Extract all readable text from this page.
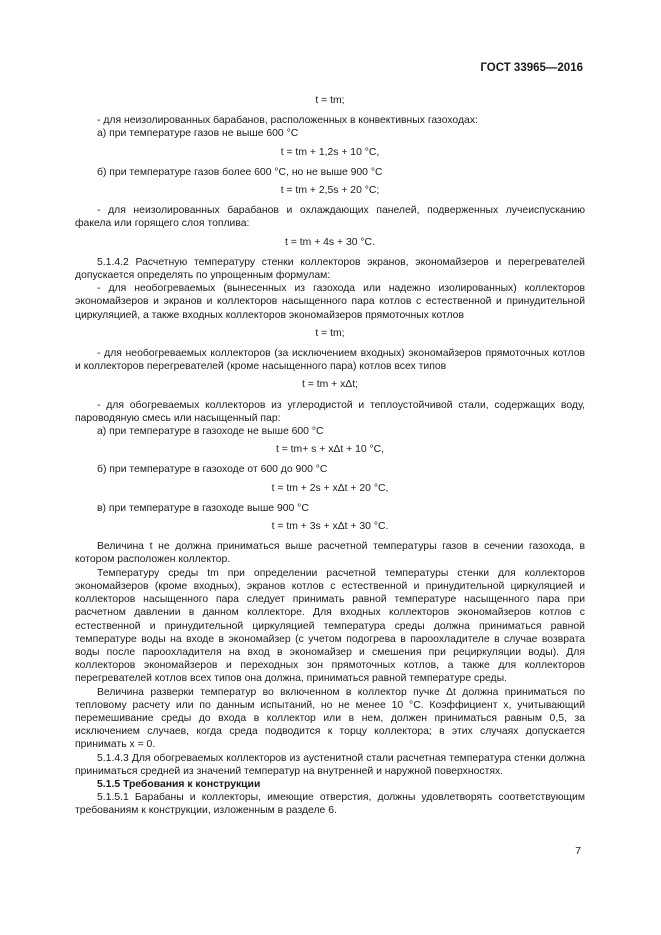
ГОСТ 33965—2016

t = tm;

- для неизолированных барабанов, расположенных в конвективных газоходах:

а) при температуре газов не выше 600 °С

t = tm + 1,2s + 10 °С,

б) при температуре газов более 600 °С, но не выше 900 °С

t = tm + 2,5s + 20 °С;

- для неизолированных барабанов и охлаждающих панелей, подверженных лучеиспусканию факела или горящего слоя топлива:

t = tm + 4s + 30 °С.

5.1.4.2 Расчетную температуру стенки коллекторов экранов, экономайзеров и перегревателей допускается определять по упрощенным формулам:

- для необогреваемых (вынесенных из газохода или надежно изолированных) коллекторов экономайзеров и экранов и коллекторов насыщенного пара котлов с естественной и принудительной циркуляцией, а также входных коллекторов экономайзеров прямоточных котлов

t = tm;

- для необогреваемых коллекторов (за исключением входных) экономайзеров прямоточных котлов и коллекторов перегревателей (кроме насыщенного пара) котлов всех типов

t = tm + xΔt;

- для обогреваемых коллекторов из углеродистой и теплоустойчивой стали, содержащих воду, пароводяную смесь или насыщенный пар:

а) при температуре в газоходе не выше 600 °С

t = tm+ s + xΔt + 10 °С,

б) при температуре в газоходе от 600 до 900 °С

t = tm + 2s + xΔt + 20 °С,

в) при температуре в газоходе выше 900 °С

t = tm + 3s + xΔt + 30 °С.

Величина t не должна приниматься выше расчетной температуры газов в сечении газохода, в котором расположен коллектор.

Температуру среды tm при определении расчетной температуры стенки для коллекторов экономайзеров (кроме входных), экранов котлов с естественной и принудительной циркуляцией и коллекторов насыщенного пара следует принимать равной температуре насыщенного пара при расчетном давлении в данном коллекторе. Для входных коллекторов экономайзеров котлов с естественной и принудительной циркуляцией температура среды должна приниматься равной температуре воды на входе в экономайзер (с учетом подогрева в пароохладителе в случае возврата воды после пароохладителя на вход в экономайзер и смешения при рециркуляции воды). Для коллекторов экономайзеров и переходных зон прямоточных котлов, а также для коллекторов перегревателей котлов всех типов она должна, приниматься равной температуре среды.

Величина разверки температур во включенном в коллектор пучке Δt должна приниматься по тепловому расчету или по данным испытаний, но не менее 10 °С. Коэффициент x, учитывающий перемешивание среды до входа в коллектор или в нем, должен приниматься равным 0,5, за исключением случаев, когда среда подводится к торцу коллектора; в этих случаях допускается принимать x = 0.

5.1.4.3 Для обогреваемых коллекторов из аустенитной стали расчетная температура стенки должна приниматься средней из значений температур на внутренней и наружной поверхностях.

5.1.5 Требования к конструкции

5.1.5.1 Барабаны и коллекторы, имеющие отверстия, должны удовлетворять соответствующим требованиям к конструкции, изложенным в разделе 6.

7
